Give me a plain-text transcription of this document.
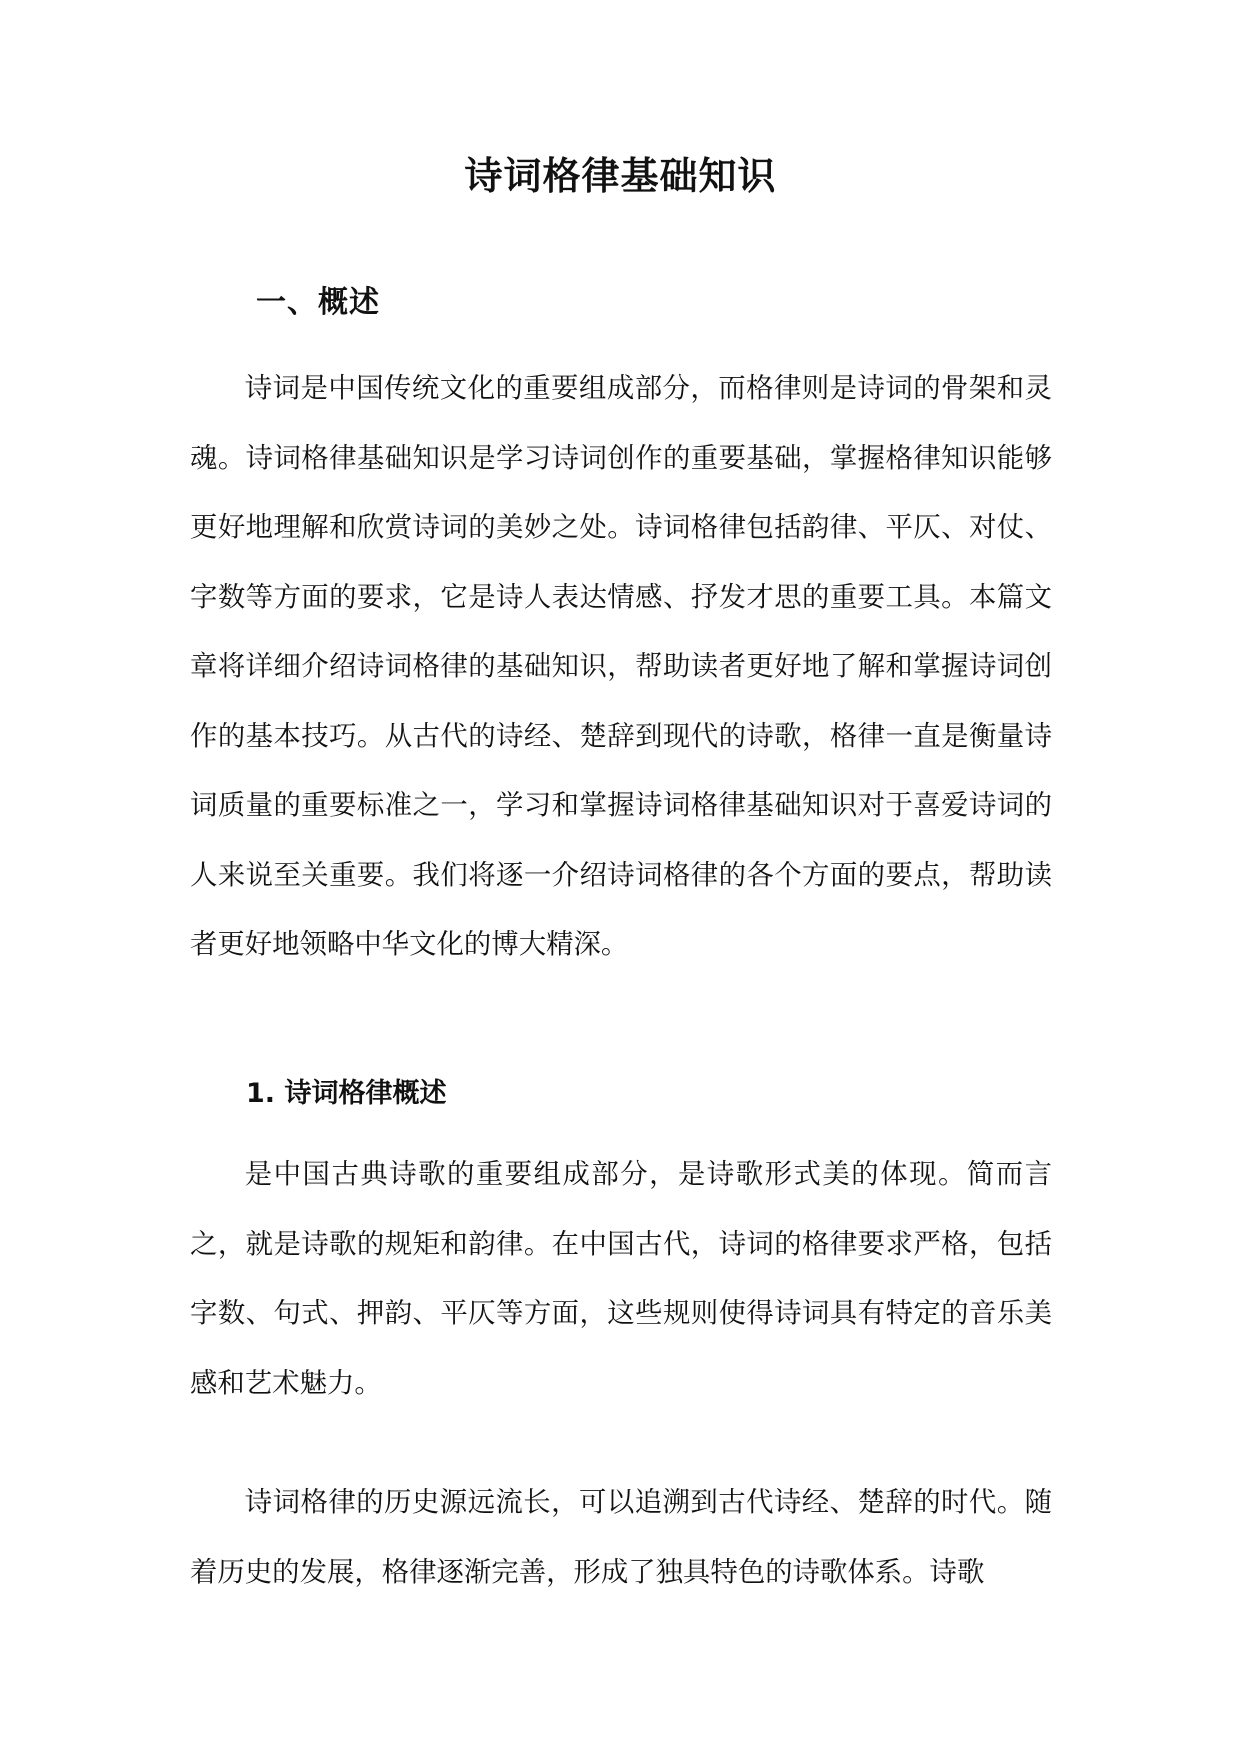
诗词格律基础知识
一、概述

诗词是中国传统文化的重要组成部分，而格律则是诗词的骨架和灵魂。诗词格律基础知识是学习诗词创作的重要基础，掌握格律知识能够更好地理解和欣赏诗词的美妙之处。诗词格律包括韵律、平仄、对仗、字数等方面的要求，它是诗人表达情感、抒发才思的重要工具。本篇文章将详细介绍诗词格律的基础知识，帮助读者更好地了解和掌握诗词创作的基本技巧。从古代的诗经、楚辞到现代的诗歌，格律一直是衡量诗词质量的重要标准之一，学习和掌握诗词格律基础知识对于喜爱诗词的人来说至关重要。我们将逐一介绍诗词格律的各个方面的要点，帮助读者更好地领略中华文化的博大精深。

1. 诗词格律概述

是中国古典诗歌的重要组成部分，是诗歌形式美的体现。简而言之，就是诗歌的规矩和韵律。在中国古代，诗词的格律要求严格，包括字数、句式、押韵、平仄等方面，这些规则使得诗词具有特定的音乐美感和艺术魅力。

诗词格律的历史源远流长，可以追溯到古代诗经、楚辞的时代。随着历史的发展，格律逐渐完善，形成了独具特色的诗歌体系。诗歌
